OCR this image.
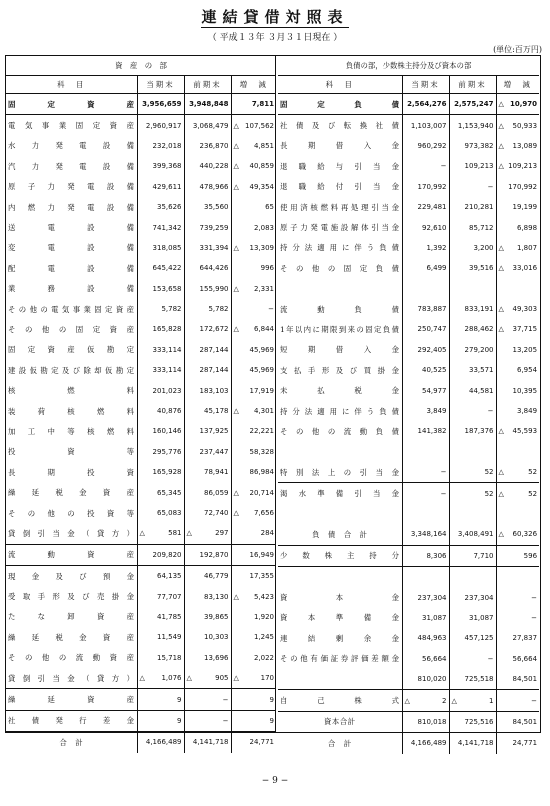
連結貸借対照表
（ 平成１３年 ３月３１日現在 ）
(単位:百万円)
資　産　の　部			
科　目	当期末	前期末	増　減
固　定　資　産	3,956,659	3,948,848	7,811
電気事業固定資産	2,960,917	3,068,479	△ 107,562
水力発電設備	232,018	236,870	△ 4,851
汽力発電設備	399,368	440,228	△ 40,859
原子力発電設備	429,611	478,966	△ 49,354
内燃力発電設備	35,626	35,560	65
送電設備	741,342	739,259	2,083
変電設備	318,085	331,394	△ 13,309
配電設備	645,422	644,426	996
業務設備	153,658	155,990	△ 2,331
その他の電気事業固定資産	5,782	5,782	−
その他の固定資産	165,828	172,672	△ 6,844
固定資産仮勘定	333,114	287,144	45,969
建設仮勘定及び除却仮勘定	333,114	287,144	45,969
核燃料	201,023	183,103	17,919
装荷核燃料	40,876	45,178	△ 4,301
加工中等核燃料	160,146	137,925	22,221
投資等	295,776	237,447	58,328
長期投資	165,928	78,941	86,984
繰延税金資産	65,345	86,059	△ 20,714
その他の投資等	65,083	72,740	△ 7,656
貸倒引当金（貸方）	△ 581	△ 297	284
流動資産	209,820	192,870	16,949
現金及び預金	64,135	46,779	17,355
受取手形及び売掛金	77,707	83,130	△ 5,423
たな卸資産	41,785	39,865	1,920
繰延税金資産	11,549	10,303	1,245
その他の流動資産	15,718	13,696	2,022
貸倒引当金（貸方）	△ 1,076	△ 905	△ 170
繰延資産	9	−	9
社債発行差金	9	−	9
合　計	4,166,489	4,141,718	24,771
負債の部，少数株主持分及び資本の部			
科　目	当期末	前期末	増　減
固　定　負　債	2,564,276	2,575,247	△ 10,970
社債及び転換社債	1,103,007	1,153,940	△ 50,933
長期借入金	960,292	973,382	△ 13,089
退職給与引当金	−	109,213	△ 109,213
退職給付引当金	170,992	−	170,992
使用済核燃料再処理引当金	229,481	210,281	19,199
原子力発電施設解体引当金	92,610	85,712	6,898
持分法適用に伴う負債	1,392	3,200	△ 1,807
その他の固定負債	6,499	39,516	△ 33,016

流動負債	783,887	833,191	△ 49,303
1年以内に期限到来の固定負債	250,747	288,462	△ 37,715
短期借入金	292,405	279,200	13,205
支払手形及び買掛金	40,525	33,571	6,954
未払税金	54,977	44,581	10,395
持分法適用に伴う負債	3,849	−	3,849
その他の流動負債	141,382	187,376	△ 45,593

特別法上の引当金	−	52	△ 52
渇水準備引当金	−	52	△ 52

負　債　合　計	3,348,164	3,408,491	△ 60,326
少数株主持分	8,306	7,710	596

資本金	237,304	237,304	−
資本準備金	31,087	31,087	−
連結剰余金	484,963	457,125	27,837
その他有価証券評価差額金	56,664	−	56,664
	810,020	725,518	84,501
自己株式	△ 2	△ 1	−
資本合計	810,018	725,516	84,501
合　計	4,166,489	4,141,718	24,771
− 9 −
